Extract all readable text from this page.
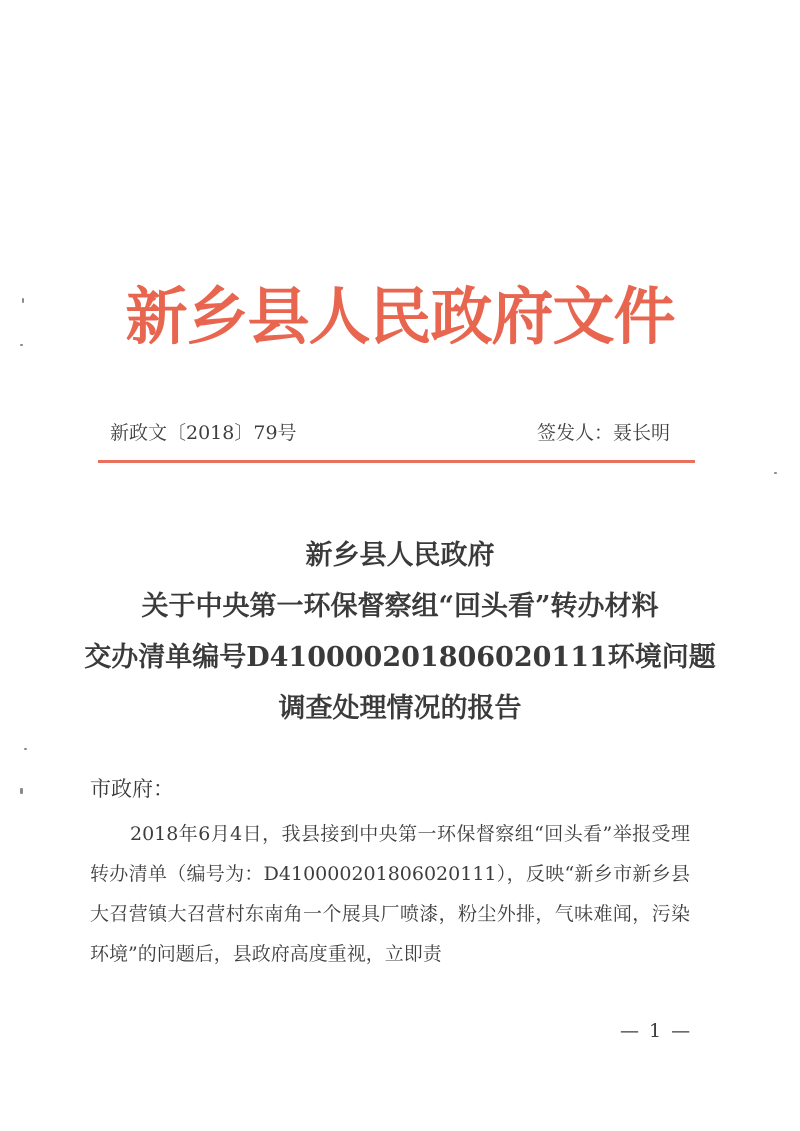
新乡县人民政府文件
新政文〔2018〕79号	签发人：聂长明
新乡县人民政府
关于中央第一环保督察组“回头看”转办材料
交办清单编号D410000201806020111环境问题
调查处理情况的报告
市政府：
2018年6月4日，我县接到中央第一环保督察组“回头看”举报受理转办清单（编号为：D410000201806020111），反映“新乡市新乡县大召营镇大召营村东南角一个展具厂喷漆，粉尘外排，气味难闻，污染环境”的问题后，县政府高度重视，立即责
— 1 —
